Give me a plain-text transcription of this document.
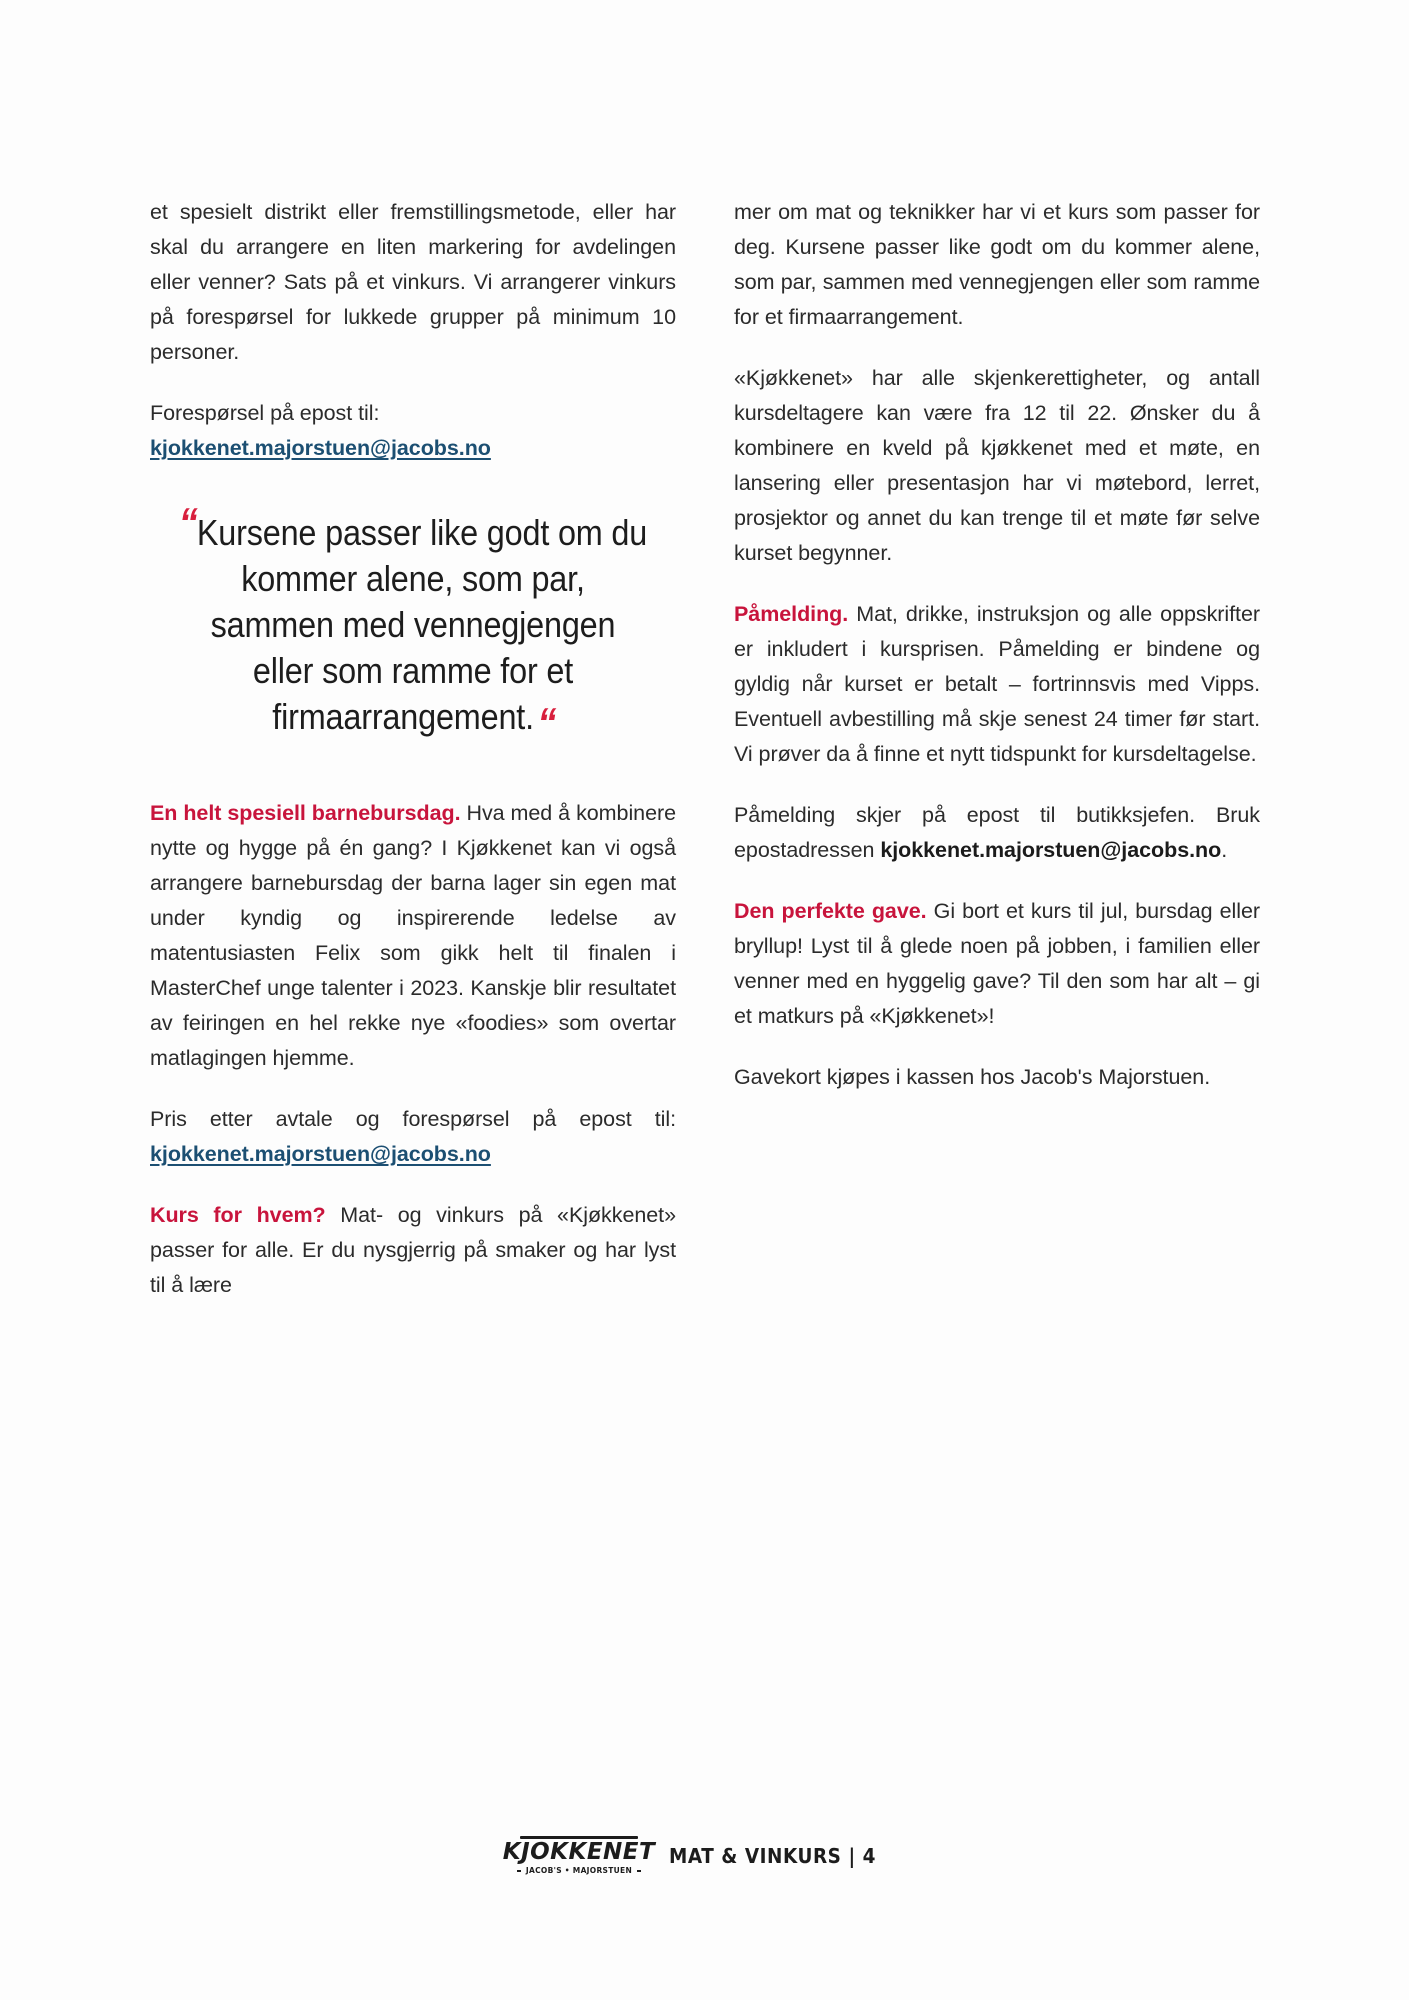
et spesielt distrikt eller fremstillingsmetode, eller har skal du arrangere en liten markering for avdelingen eller venner? Sats på et vinkurs. Vi arrangerer vinkurs på forespørsel for lukkede grupper på minimum 10 personer.

Forespørsel på epost til:
kjokkenet.majorstuen@jacobs.no

“Kursene passer like godt om du kommer alene, som par, sammen med vennegjengen eller som ramme for et firmaarrangement.“

En helt spesiell barnebursdag. Hva med å kombinere nytte og hygge på én gang? I Kjøkkenet kan vi også arrangere barnebursdag der barna lager sin egen mat under kyndig og inspirerende ledelse av matentusiasten Felix som gikk helt til finalen i MasterChef unge talenter i 2023. Kanskje blir resultatet av feiringen en hel rekke nye «foodies» som overtar matlagingen hjemme.

Pris etter avtale og forespørsel på epost til: kjokkenet.majorstuen@jacobs.no

Kurs for hvem? Mat- og vinkurs på «Kjøkkenet» passer for alle. Er du nysgjerrig på smaker og har lyst til å lære

mer om mat og teknikker har vi et kurs som passer for deg. Kursene passer like godt om du kommer alene, som par, sammen med vennegjengen eller som ramme for et firmaarrangement.

«Kjøkkenet» har alle skjenkerettigheter, og antall kursdeltagere kan være fra 12 til 22. Ønsker du å kombinere en kveld på kjøkkenet med et møte, en lansering eller presentasjon har vi møtebord, lerret, prosjektor og annet du kan trenge til et møte før selve kurset begynner.

Påmelding. Mat, drikke, instruksjon og alle oppskrifter er inkludert i kursprisen. Påmelding er bindene og gyldig når kurset er betalt – fortrinnsvis med Vipps. Eventuell avbestilling må skje senest 24 timer før start. Vi prøver da å finne et nytt tidspunkt for kursdeltagelse.

Påmelding skjer på epost til butikksjefen. Bruk epostadressen kjokkenet.majorstuen@jacobs.no.

Den perfekte gave. Gi bort et kurs til jul, bursdag eller bryllup! Lyst til å glede noen på jobben, i familien eller venner med en hyggelig gave? Til den som har alt – gi et matkurs på «Kjøkkenet»!

Gavekort kjøpes i kassen hos Jacob's Majorstuen.

KJOKKENET
JACOB'S • MAJORSTUEN
MAT & VINKURS | 4
